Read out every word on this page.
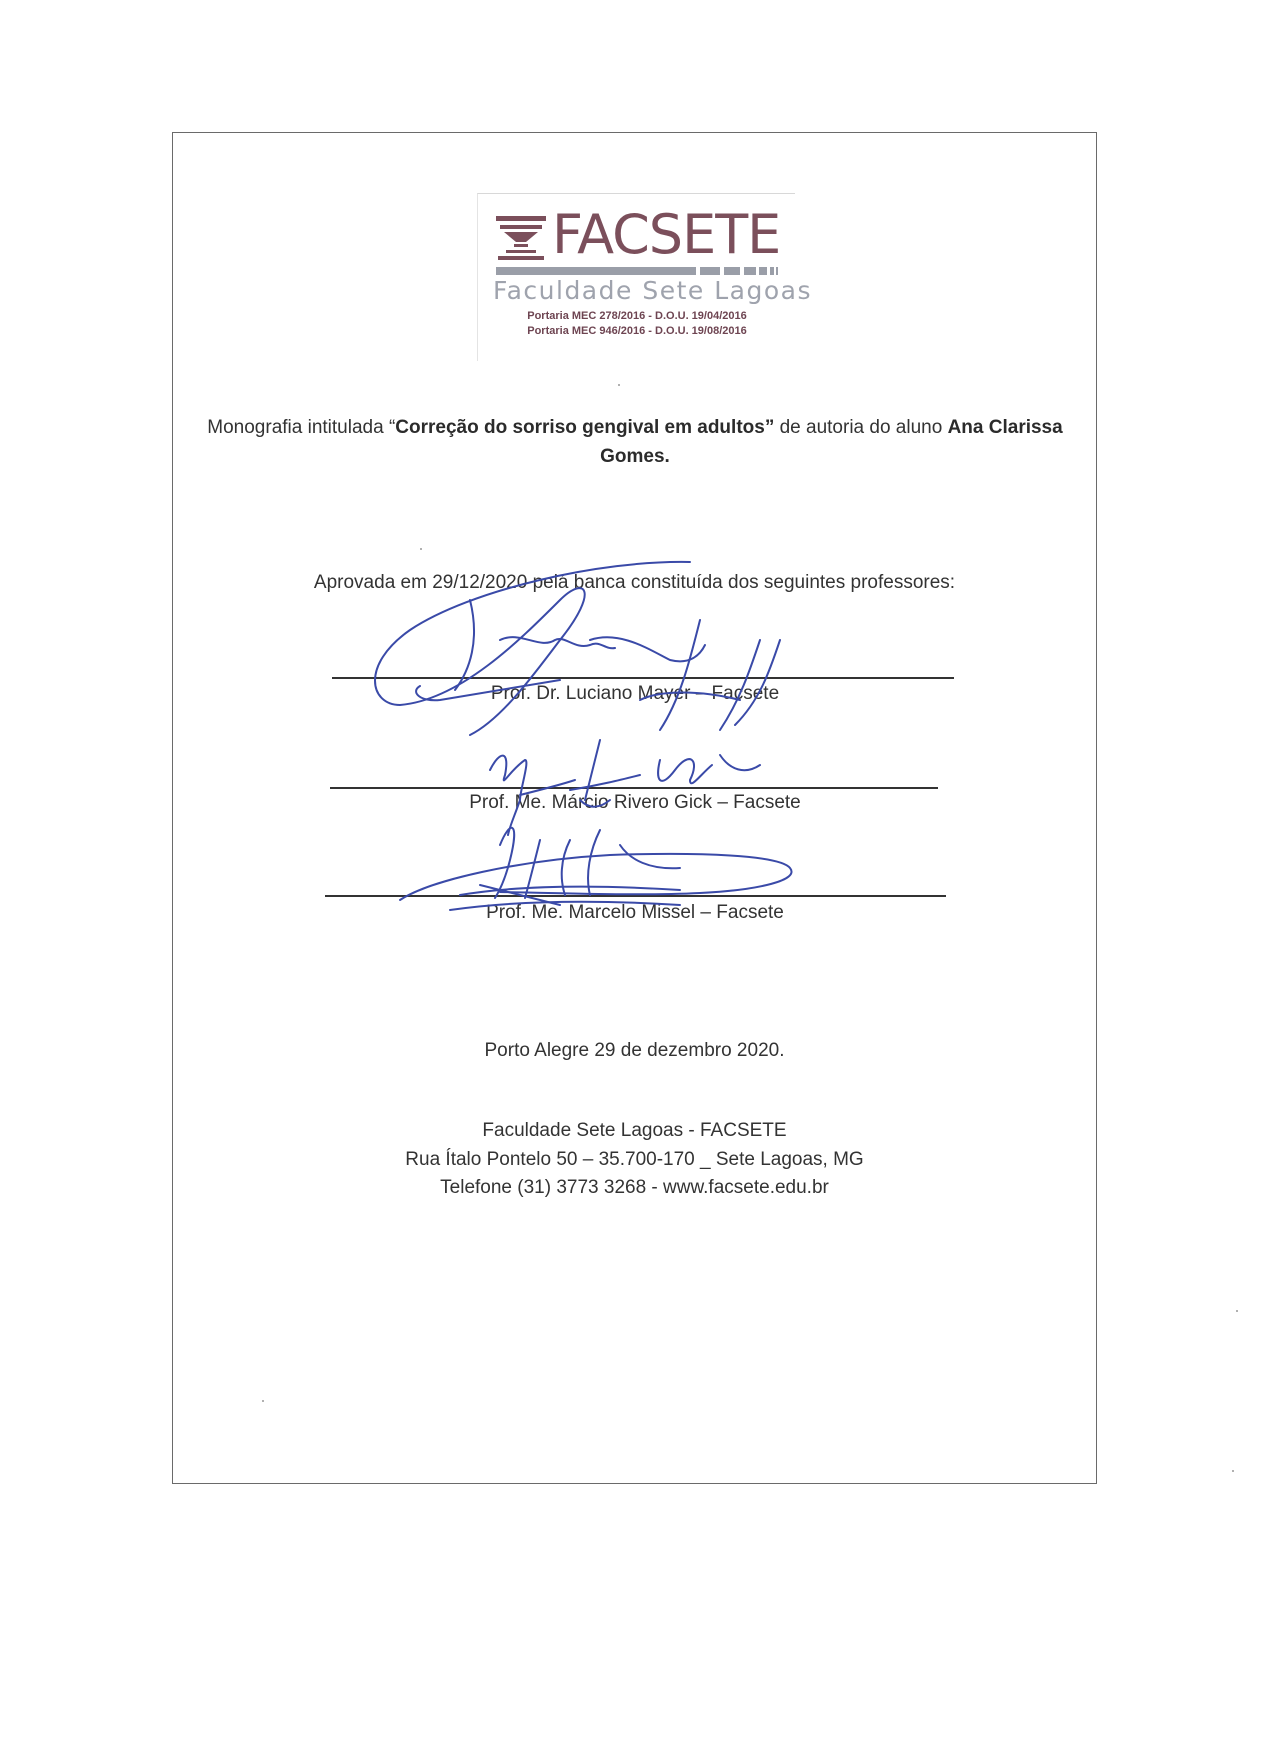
FACSETE
Faculdade Sete Lagoas
Portaria MEC 278/2016 - D.O.U. 19/04/2016
Portaria MEC 946/2016 - D.O.U. 19/08/2016
Monografia intitulada “Correção do sorriso gengival em adultos” de autoria do aluno Ana Clarissa Gomes.
Aprovada em 29/12/2020 pelá banca constituída dos seguintes professores:
Prof. Dr. Luciano Mayer – Facsete
Prof. Me. Márcio Rivero Gick – Facsete
Prof. Me. Marcelo Missel – Facsete
Porto Alegre 29 de dezembro 2020.
Faculdade Sete Lagoas - FACSETE
Rua Ítalo Pontelo 50 – 35.700-170 _ Sete Lagoas, MG
Telefone (31) 3773 3268 - www.facsete.edu.br
